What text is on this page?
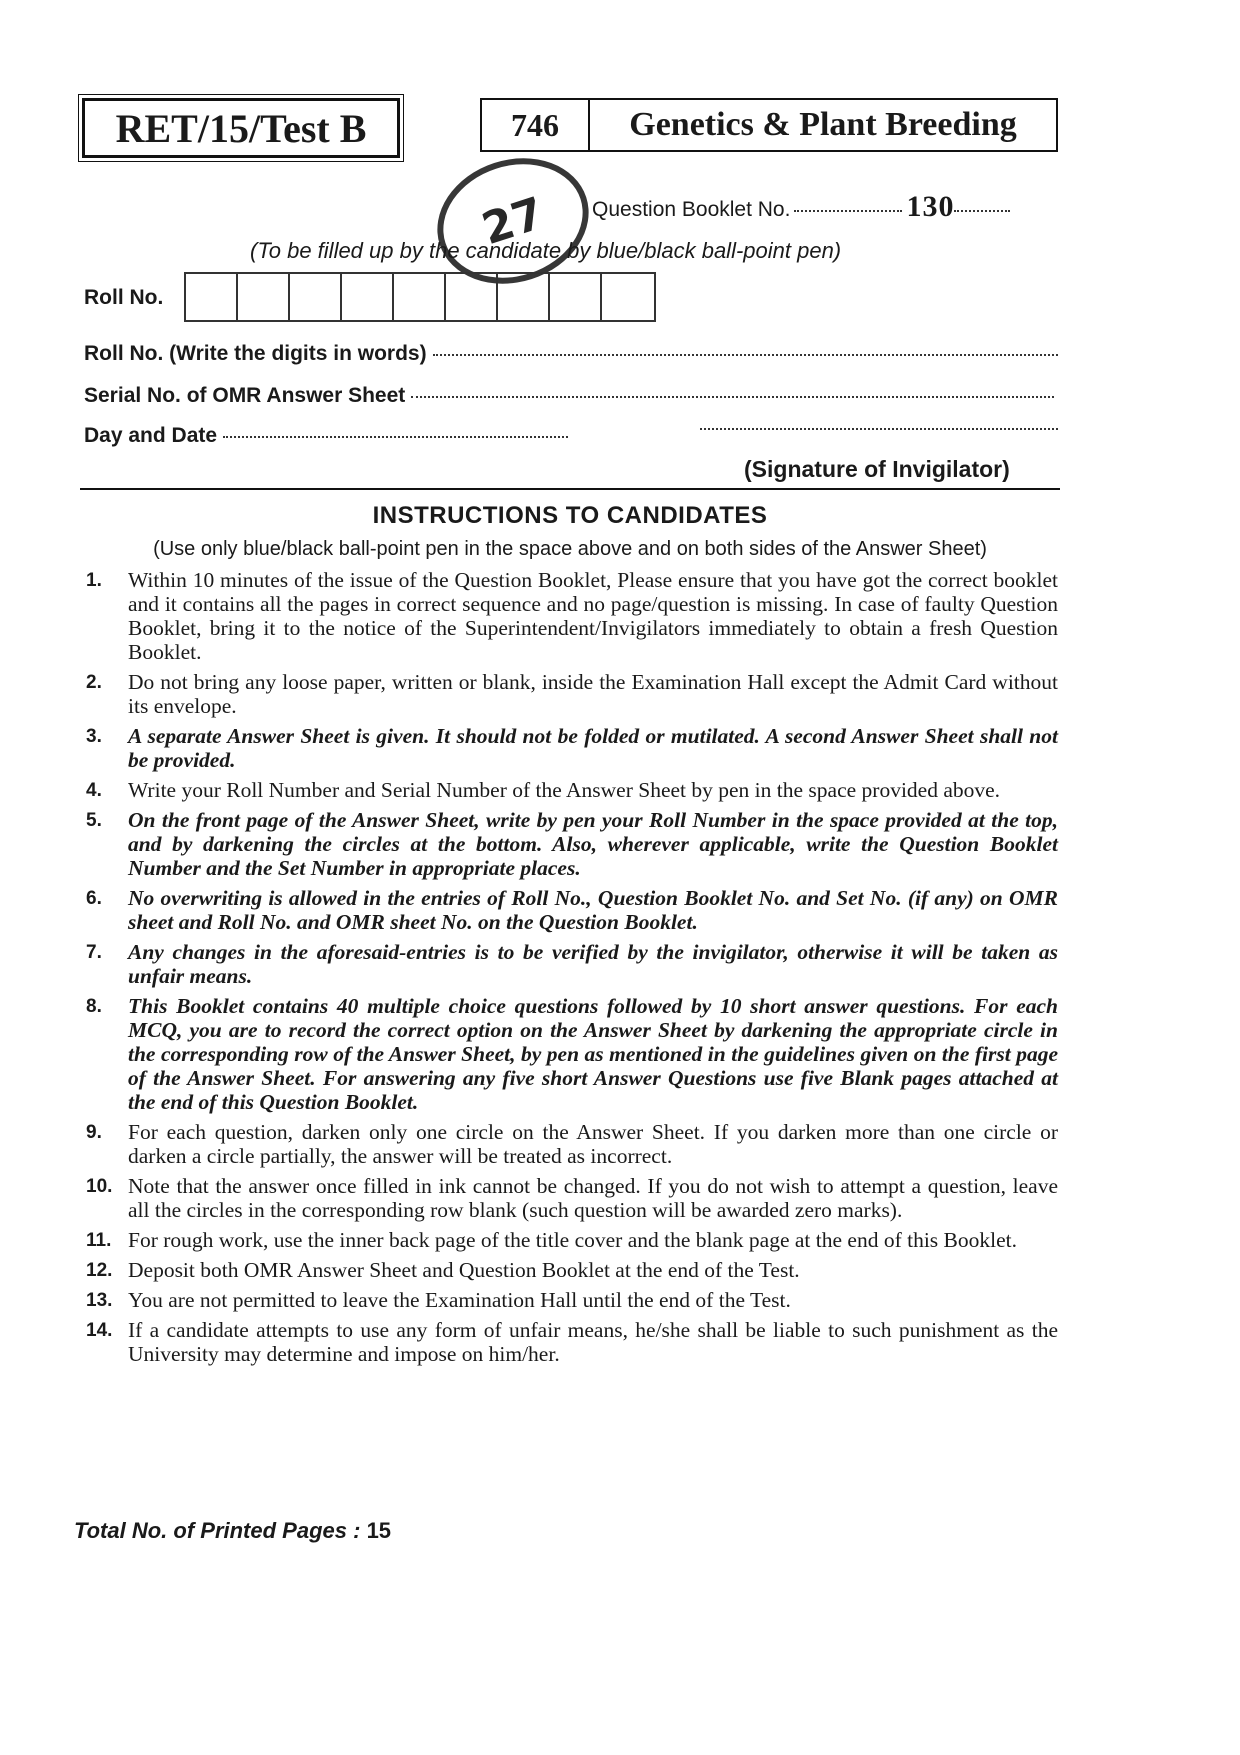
RET/15/Test B	746	Genetics & Plant Breeding
27	Question Booklet No.	130
(To be filled up by the candidate by blue/black ball-point pen)
Roll No.
Roll No. (Write the digits in words)
Serial No. of OMR Answer Sheet
Day and Date
(Signature of Invigilator)
INSTRUCTIONS TO CANDIDATES
(Use only blue/black ball-point pen in the space above and on both sides of the Answer Sheet)
1.	Within 10 minutes of the issue of the Question Booklet, Please ensure that you have got the correct booklet and it contains all the pages in correct sequence and no page/question is missing. In case of faulty Question Booklet, bring it to the notice of the Superintendent/Invigilators immediately to obtain a fresh Question Booklet.
2.	Do not bring any loose paper, written or blank, inside the Examination Hall except the Admit Card without its envelope.
3.	A separate Answer Sheet is given. It should not be folded or mutilated. A second Answer Sheet shall not be provided.
4.	Write your Roll Number and Serial Number of the Answer Sheet by pen in the space provided above.
5.	On the front page of the Answer Sheet, write by pen your Roll Number in the space provided at the top, and by darkening the circles at the bottom. Also, wherever applicable, write the Question Booklet Number and the Set Number in appropriate places.
6.	No overwriting is allowed in the entries of Roll No., Question Booklet No. and Set No. (if any) on OMR sheet and Roll No. and OMR sheet No. on the Question Booklet.
7.	Any changes in the aforesaid-entries is to be verified by the invigilator, otherwise it will be taken as unfair means.
8.	This Booklet contains 40 multiple choice questions followed by 10 short answer questions. For each MCQ, you are to record the correct option on the Answer Sheet by darkening the appropriate circle in the corresponding row of the Answer Sheet, by pen as mentioned in the guidelines given on the first page of the Answer Sheet. For answering any five short Answer Questions use five Blank pages attached at the end of this Question Booklet.
9.	For each question, darken only one circle on the Answer Sheet. If you darken more than one circle or darken a circle partially, the answer will be treated as incorrect.
10. Note that the answer once filled in ink cannot be changed. If you do not wish to attempt a question, leave all the circles in the corresponding row blank (such question will be awarded zero marks).
11. For rough work, use the inner back page of the title cover and the blank page at the end of this Booklet.
12. Deposit both OMR Answer Sheet and Question Booklet at the end of the Test.
13. You are not permitted to leave the Examination Hall until the end of the Test.
14. If a candidate attempts to use any form of unfair means, he/she shall be liable to such punishment as the University may determine and impose on him/her.
Total No. of Printed Pages : 15
